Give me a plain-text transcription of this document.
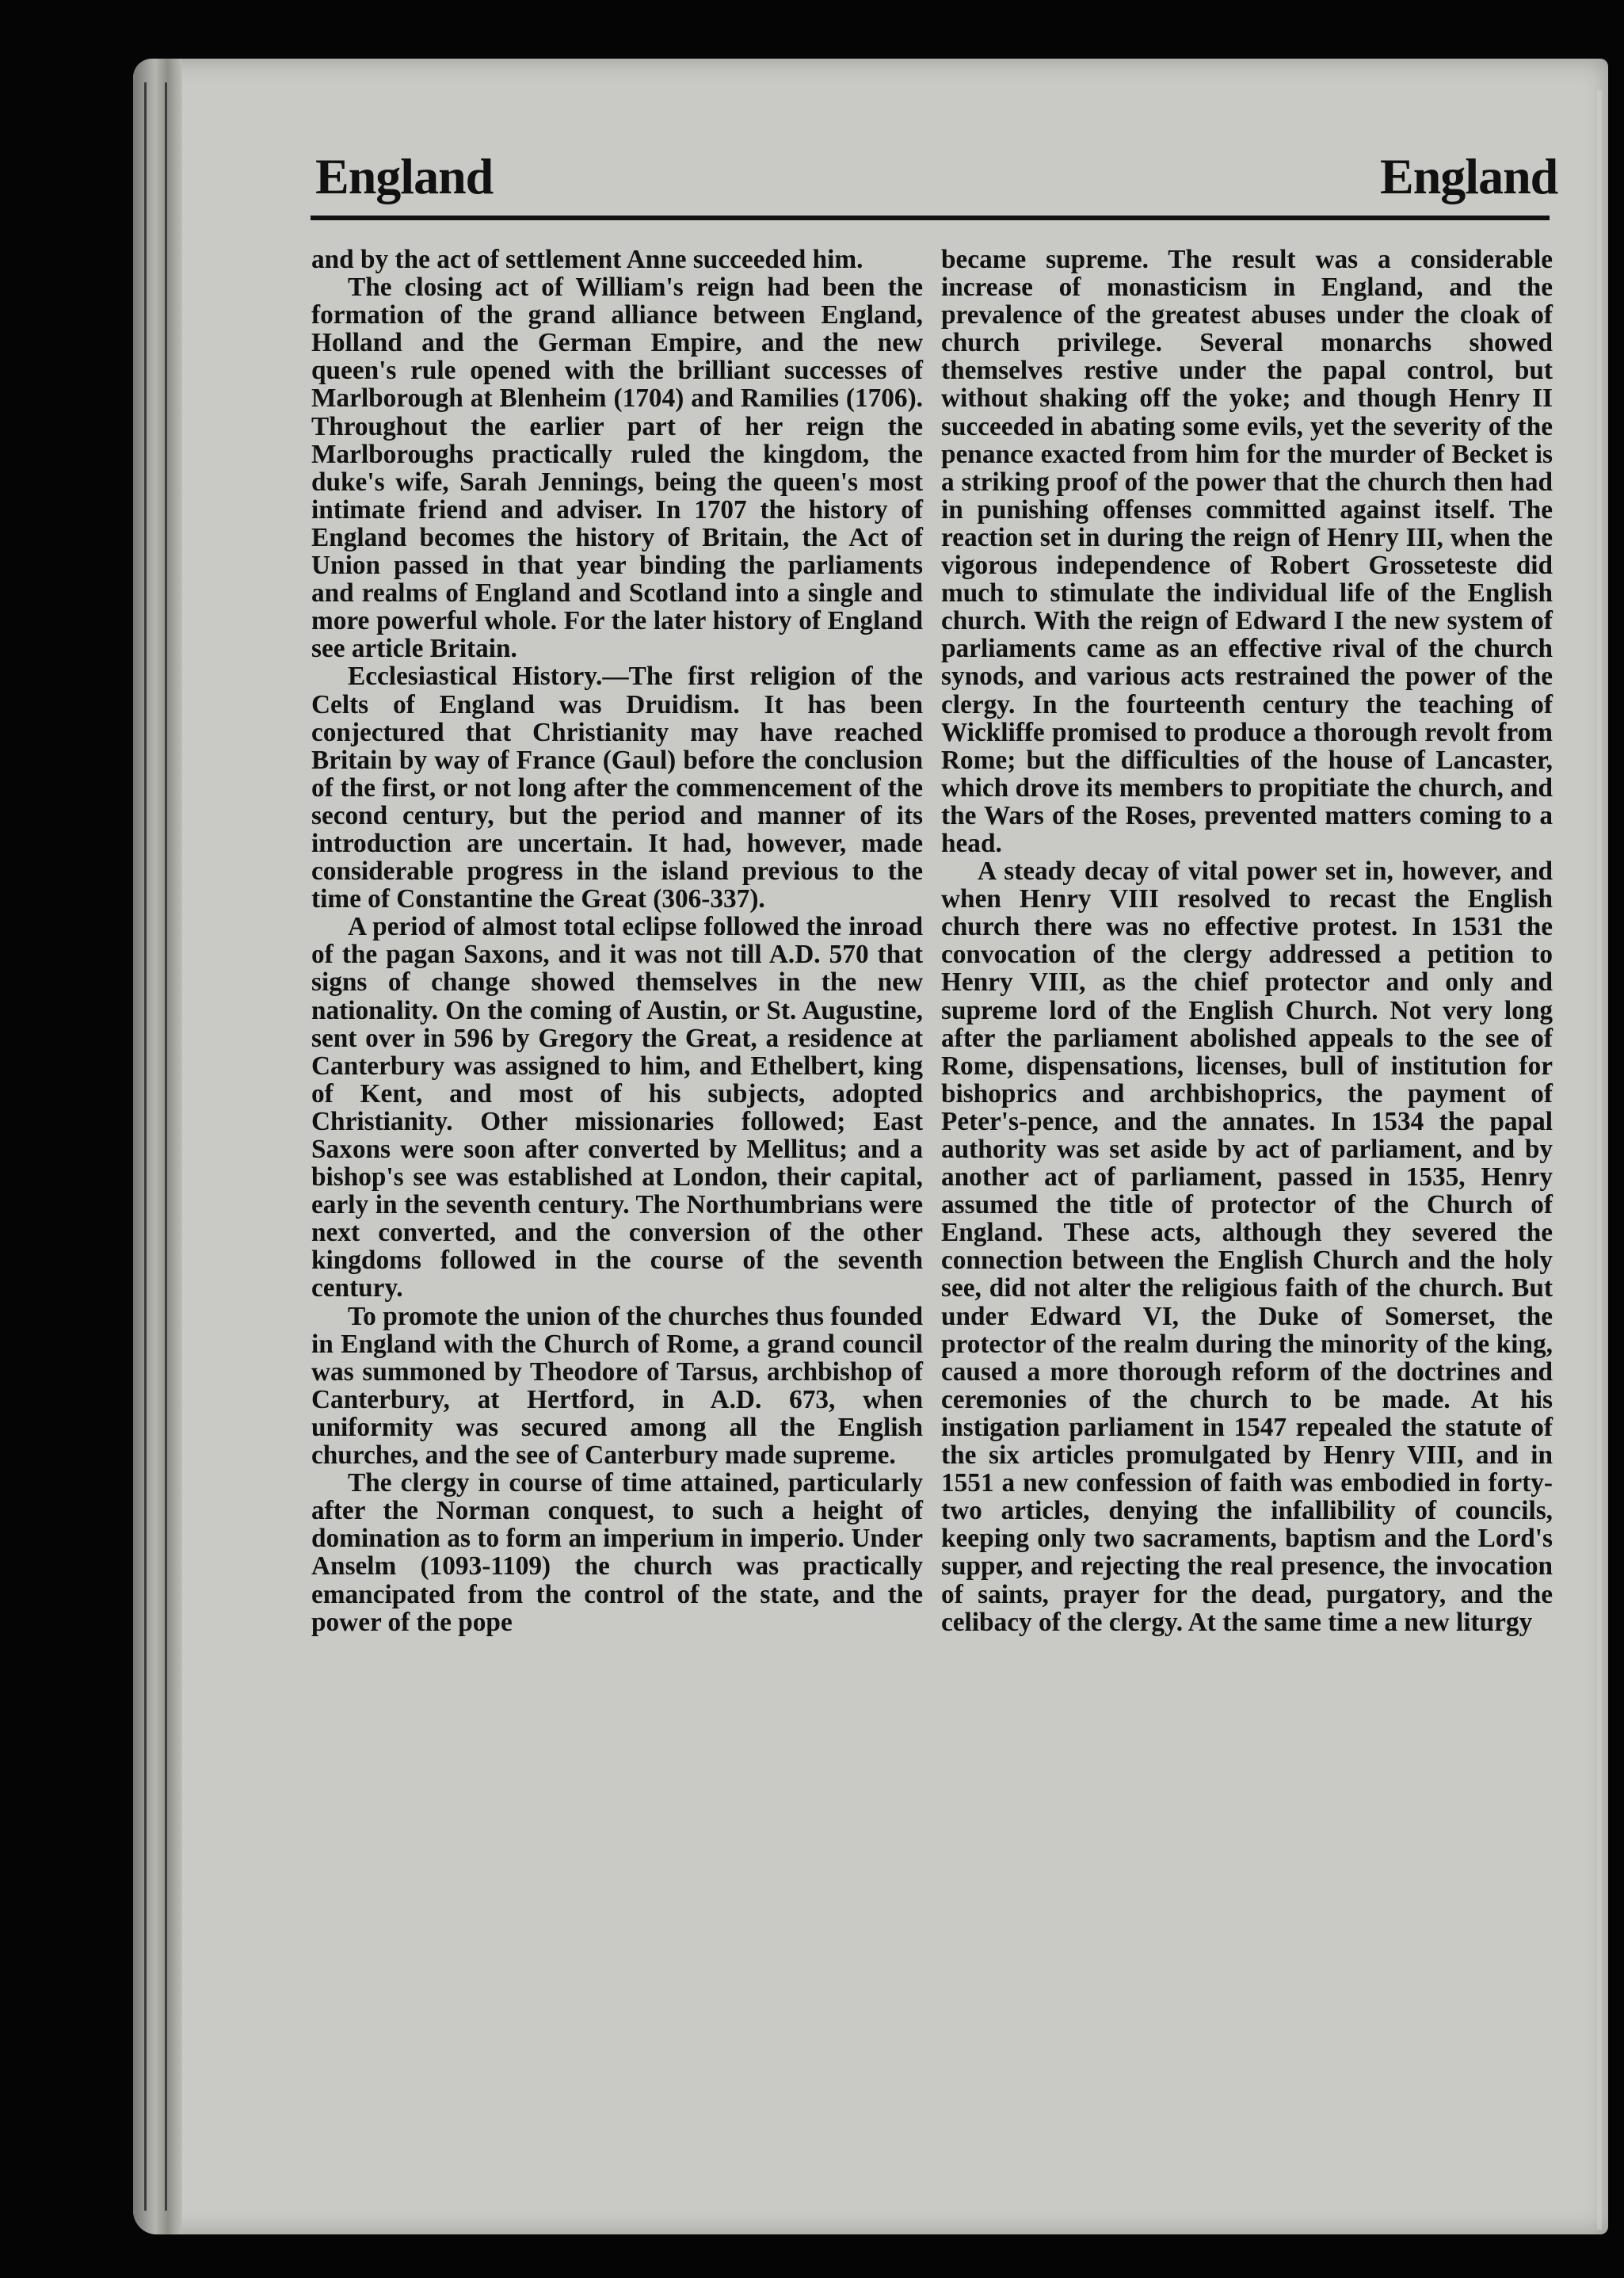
England	England

and by the act of settlement Anne succeeded him.

The closing act of William's reign had been the formation of the grand alliance between England, Holland and the German Empire, and the new queen's rule opened with the brilliant successes of Marlborough at Blenheim (1704) and Ramilies (1706). Throughout the earlier part of her reign the Marlboroughs practically ruled the kingdom, the duke's wife, Sarah Jennings, being the queen's most intimate friend and adviser. In 1707 the history of England becomes the history of Britain, the Act of Union passed in that year binding the parliaments and realms of England and Scotland into a single and more powerful whole. For the later history of England see article Britain.

Ecclesiastical History.—The first religion of the Celts of England was Druidism. It has been conjectured that Christianity may have reached Britain by way of France (Gaul) before the conclusion of the first, or not long after the commencement of the second century, but the period and manner of its introduction are uncertain. It had, however, made considerable progress in the island previous to the time of Constantine the Great (306-337).

A period of almost total eclipse followed the inroad of the pagan Saxons, and it was not till A.D. 570 that signs of change showed themselves in the new nationality. On the coming of Austin, or St. Augustine, sent over in 596 by Gregory the Great, a residence at Canterbury was assigned to him, and Ethelbert, king of Kent, and most of his subjects, adopted Christianity. Other missionaries followed; East Saxons were soon after converted by Mellitus; and a bishop's see was established at London, their capital, early in the seventh century. The Northumbrians were next converted, and the conversion of the other kingdoms followed in the course of the seventh century.

To promote the union of the churches thus founded in England with the Church of Rome, a grand council was summoned by Theodore of Tarsus, archbishop of Canterbury, at Hertford, in A.D. 673, when uniformity was secured among all the English churches, and the see of Canterbury made supreme.

The clergy in course of time attained, particularly after the Norman conquest, to such a height of domination as to form an imperium in imperio. Under Anselm (1093-1109) the church was practically emancipated from the control of the state, and the power of the pope

became supreme. The result was a considerable increase of monasticism in England, and the prevalence of the greatest abuses under the cloak of church privilege. Several monarchs showed themselves restive under the papal control, but without shaking off the yoke; and though Henry II succeeded in abating some evils, yet the severity of the penance exacted from him for the murder of Becket is a striking proof of the power that the church then had in punishing offenses committed against itself. The reaction set in during the reign of Henry III, when the vigorous independence of Robert Grosseteste did much to stimulate the individual life of the English church. With the reign of Edward I the new system of parliaments came as an effective rival of the church synods, and various acts restrained the power of the clergy. In the fourteenth century the teaching of Wickliffe promised to produce a thorough revolt from Rome; but the difficulties of the house of Lancaster, which drove its members to propitiate the church, and the Wars of the Roses, prevented matters coming to a head.

A steady decay of vital power set in, however, and when Henry VIII resolved to recast the English church there was no effective protest. In 1531 the convocation of the clergy addressed a petition to Henry VIII, as the chief protector and only and supreme lord of the English Church. Not very long after the parliament abolished appeals to the see of Rome, dispensations, licenses, bull of institution for bishoprics and archbishoprics, the payment of Peter's-pence, and the annates. In 1534 the papal authority was set aside by act of parliament, and by another act of parliament, passed in 1535, Henry assumed the title of protector of the Church of England. These acts, although they severed the connection between the English Church and the holy see, did not alter the religious faith of the church. But under Edward VI, the Duke of Somerset, the protector of the realm during the minority of the king, caused a more thorough reform of the doctrines and ceremonies of the church to be made. At his instigation parliament in 1547 repealed the statute of the six articles promulgated by Henry VIII, and in 1551 a new confession of faith was embodied in forty-two articles, denying the infallibility of councils, keeping only two sacraments, baptism and the Lord's supper, and rejecting the real presence, the invocation of saints, prayer for the dead, purgatory, and the celibacy of the clergy. At the same time a new liturgy
